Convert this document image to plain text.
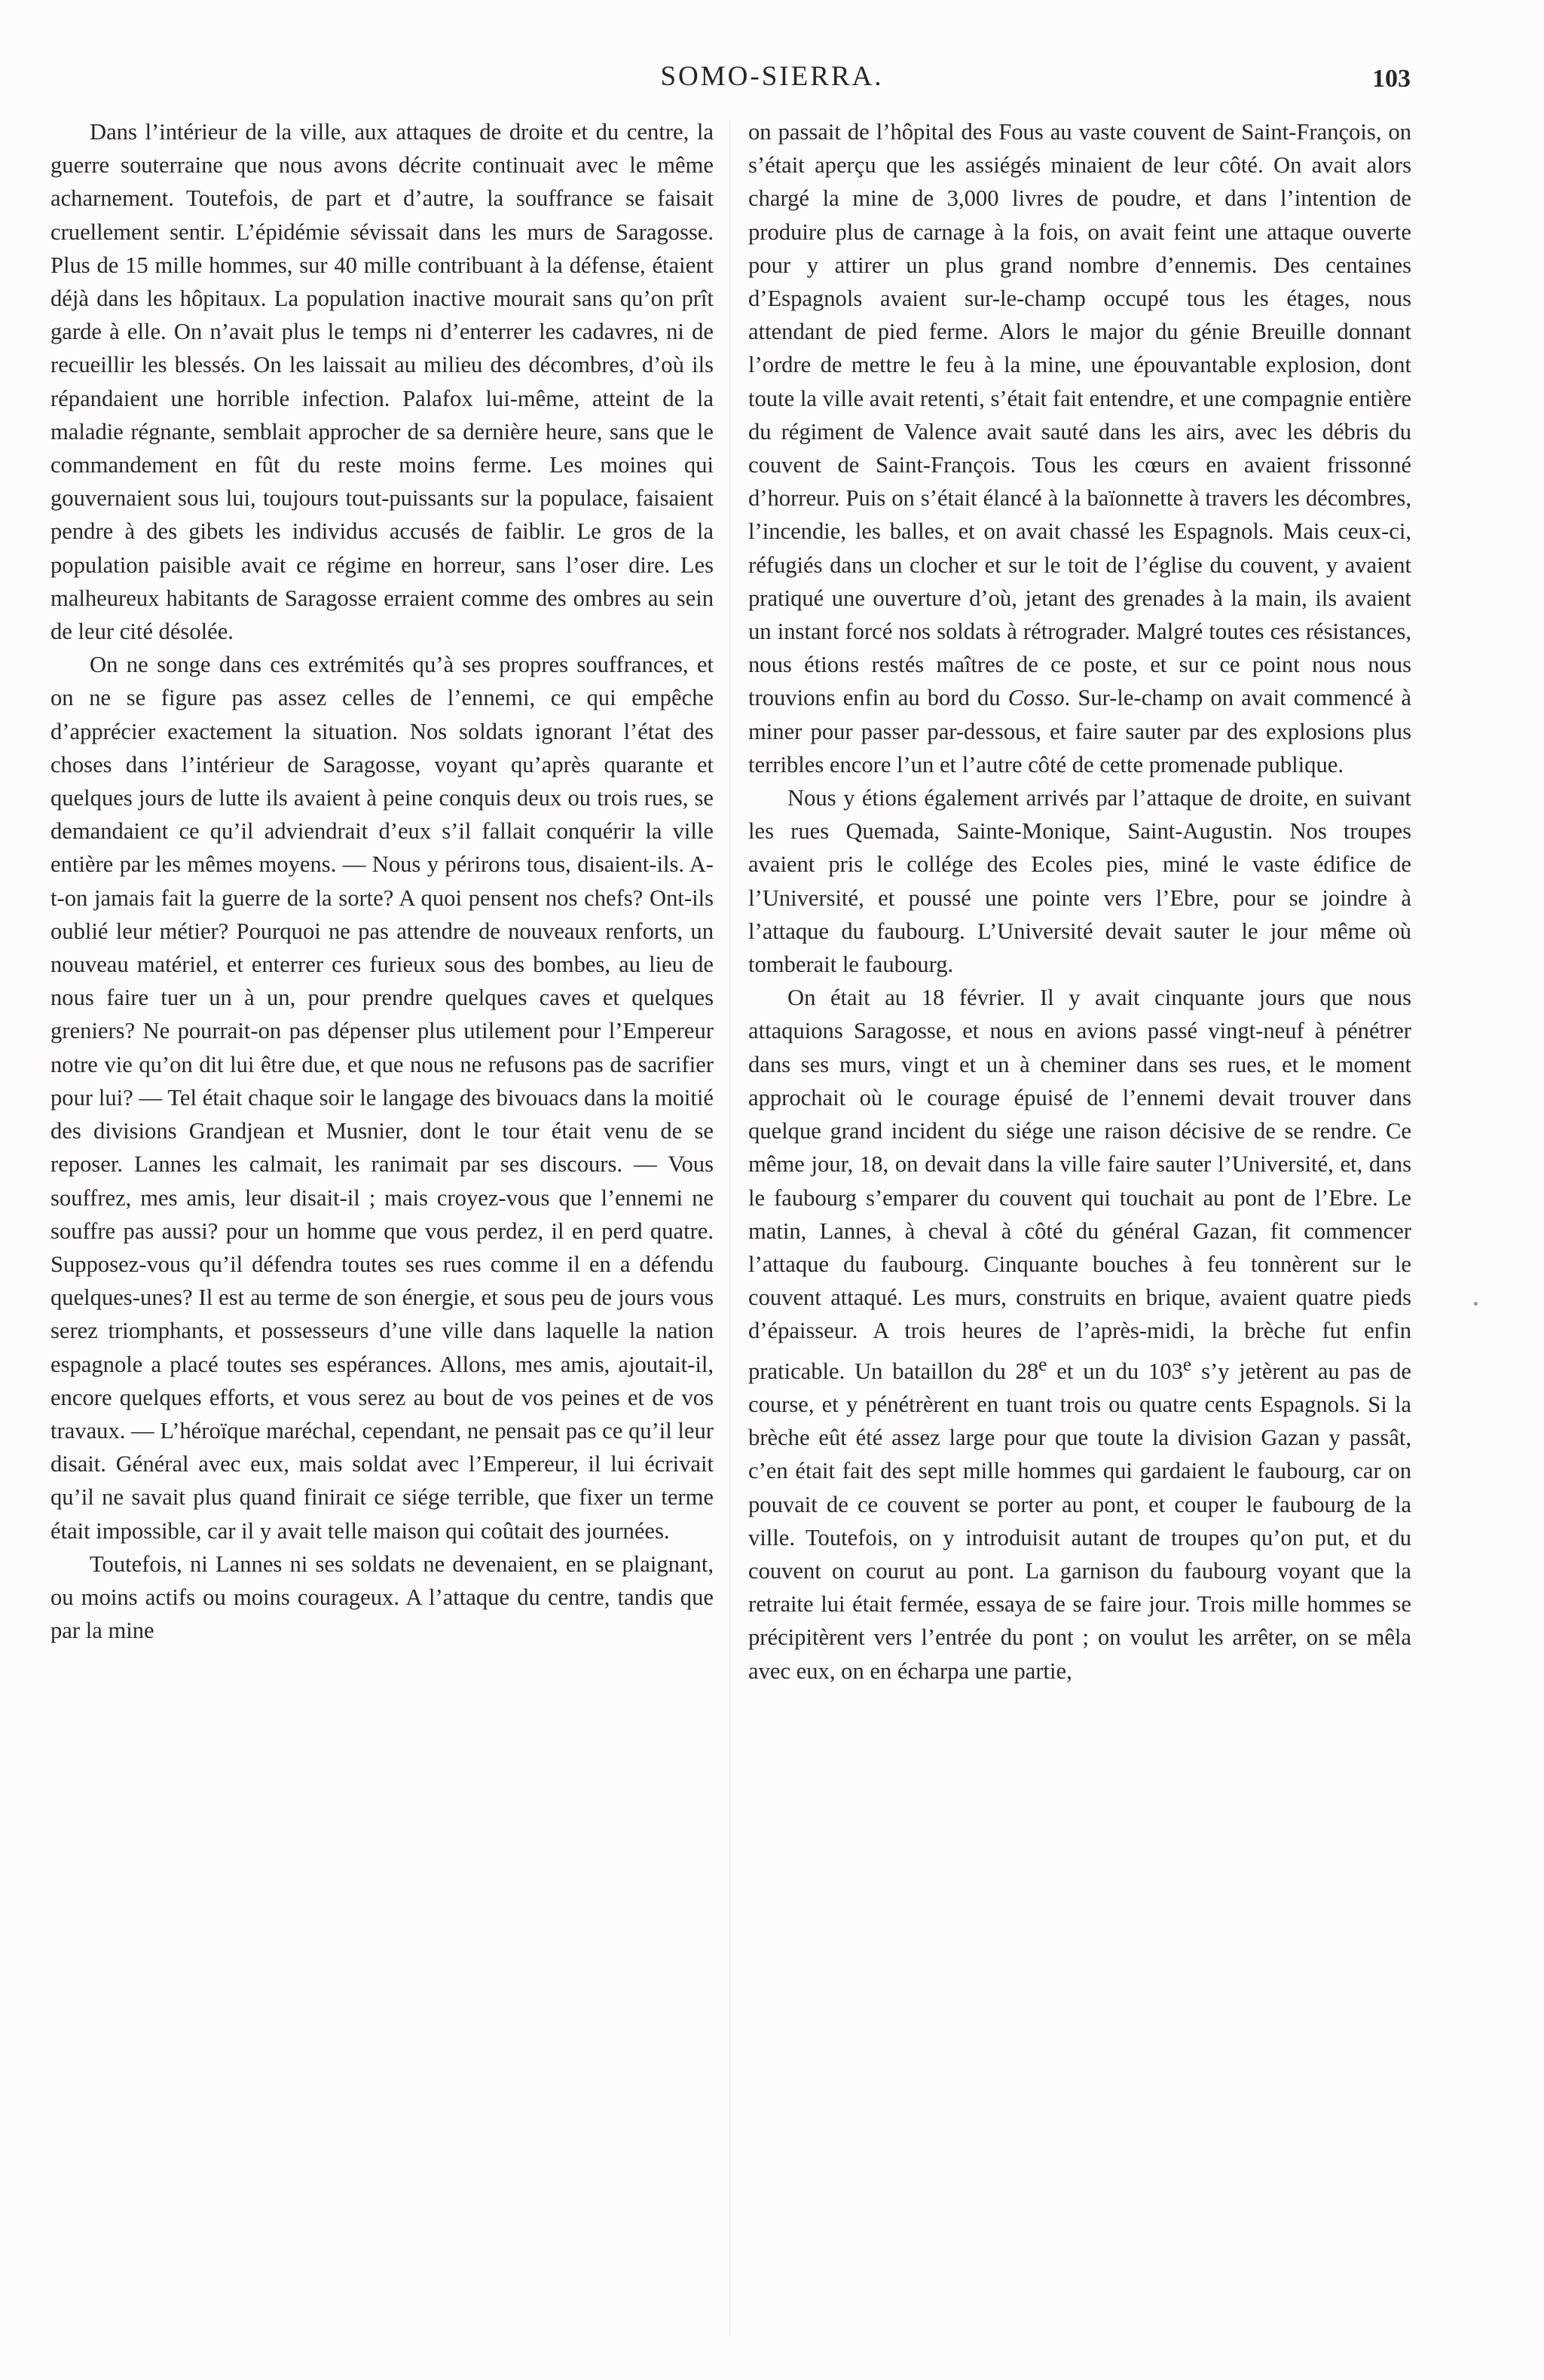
SOMO-SIERRA.	103

Dans l’intérieur de la ville, aux attaques de droite et du centre, la guerre souterraine que nous avons décrite continuait avec le même acharnement. Toutefois, de part et d’autre, la souffrance se faisait cruellement sentir. L’épidémie sévissait dans les murs de Saragosse. Plus de 15 mille hommes, sur 40 mille contribuant à la défense, étaient déjà dans les hôpitaux. La population inactive mourait sans qu’on prît garde à elle. On n’avait plus le temps ni d’enterrer les cadavres, ni de recueillir les blessés. On les laissait au milieu des décombres, d’où ils répandaient une horrible infection. Palafox lui-même, atteint de la maladie régnante, semblait approcher de sa dernière heure, sans que le commandement en fût du reste moins ferme. Les moines qui gouvernaient sous lui, toujours tout-puissants sur la populace, faisaient pendre à des gibets les individus accusés de faiblir. Le gros de la population paisible avait ce régime en horreur, sans l’oser dire. Les malheureux habitants de Saragosse erraient comme des ombres au sein de leur cité désolée.

On ne songe dans ces extrémités qu’à ses propres souffrances, et on ne se figure pas assez celles de l’ennemi, ce qui empêche d’apprécier exactement la situation. Nos soldats ignorant l’état des choses dans l’intérieur de Saragosse, voyant qu’après quarante et quelques jours de lutte ils avaient à peine conquis deux ou trois rues, se demandaient ce qu’il adviendrait d’eux s’il fallait conquérir la ville entière par les mêmes moyens. — Nous y périrons tous, disaient-ils. A-t-on jamais fait la guerre de la sorte? A quoi pensent nos chefs? Ont-ils oublié leur métier? Pourquoi ne pas attendre de nouveaux renforts, un nouveau matériel, et enterrer ces furieux sous des bombes, au lieu de nous faire tuer un à un, pour prendre quelques caves et quelques greniers? Ne pourrait-on pas dépenser plus utilement pour l’Empereur notre vie qu’on dit lui être due, et que nous ne refusons pas de sacrifier pour lui? — Tel était chaque soir le langage des bivouacs dans la moitié des divisions Grandjean et Musnier, dont le tour était venu de se reposer. Lannes les calmait, les ranimait par ses discours. — Vous souffrez, mes amis, leur disait-il ; mais croyez-vous que l’ennemi ne souffre pas aussi? pour un homme que vous perdez, il en perd quatre. Supposez-vous qu’il défendra toutes ses rues comme il en a défendu quelques-unes? Il est au terme de son énergie, et sous peu de jours vous serez triomphants, et possesseurs d’une ville dans laquelle la nation espagnole a placé toutes ses espérances. Allons, mes amis, ajoutait-il, encore quelques efforts, et vous serez au bout de vos peines et de vos travaux. — L’héroïque maréchal, cependant, ne pensait pas ce qu’il leur disait. Général avec eux, mais soldat avec l’Empereur, il lui écrivait qu’il ne savait plus quand finirait ce siége terrible, que fixer un terme était impossible, car il y avait telle maison qui coûtait des journées.

Toutefois, ni Lannes ni ses soldats ne devenaient, en se plaignant, ou moins actifs ou moins courageux. A l’attaque du centre, tandis que par la mine

on passait de l’hôpital des Fous au vaste couvent de Saint-François, on s’était aperçu que les assiégés minaient de leur côté. On avait alors chargé la mine de 3,000 livres de poudre, et dans l’intention de produire plus de carnage à la fois, on avait feint une attaque ouverte pour y attirer un plus grand nombre d’ennemis. Des centaines d’Espagnols avaient sur-le-champ occupé tous les étages, nous attendant de pied ferme. Alors le major du génie Breuille donnant l’ordre de mettre le feu à la mine, une épouvantable explosion, dont toute la ville avait retenti, s’était fait entendre, et une compagnie entière du régiment de Valence avait sauté dans les airs, avec les débris du couvent de Saint-François. Tous les cœurs en avaient frissonné d’horreur. Puis on s’était élancé à la baïonnette à travers les décombres, l’incendie, les balles, et on avait chassé les Espagnols. Mais ceux-ci, réfugiés dans un clocher et sur le toit de l’église du couvent, y avaient pratiqué une ouverture d’où, jetant des grenades à la main, ils avaient un instant forcé nos soldats à rétrograder. Malgré toutes ces résistances, nous étions restés maîtres de ce poste, et sur ce point nous nous trouvions enfin au bord du Cosso. Sur-le-champ on avait commencé à miner pour passer par-dessous, et faire sauter par des explosions plus terribles encore l’un et l’autre côté de cette promenade publique.

Nous y étions également arrivés par l’attaque de droite, en suivant les rues Quemada, Sainte-Monique, Saint-Augustin. Nos troupes avaient pris le collége des Ecoles pies, miné le vaste édifice de l’Université, et poussé une pointe vers l’Ebre, pour se joindre à l’attaque du faubourg. L’Université devait sauter le jour même où tomberait le faubourg.

On était au 18 février. Il y avait cinquante jours que nous attaquions Saragosse, et nous en avions passé vingt-neuf à pénétrer dans ses murs, vingt et un à cheminer dans ses rues, et le moment approchait où le courage épuisé de l’ennemi devait trouver dans quelque grand incident du siége une raison décisive de se rendre. Ce même jour, 18, on devait dans la ville faire sauter l’Université, et, dans le faubourg s’emparer du couvent qui touchait au pont de l’Ebre. Le matin, Lannes, à cheval à côté du général Gazan, fit commencer l’attaque du faubourg. Cinquante bouches à feu tonnèrent sur le couvent attaqué. Les murs, construits en brique, avaient quatre pieds d’épaisseur. A trois heures de l’après-midi, la brèche fut enfin praticable. Un bataillon du 28e et un du 103e s’y jetèrent au pas de course, et y pénétrèrent en tuant trois ou quatre cents Espagnols. Si la brèche eût été assez large pour que toute la division Gazan y passât, c’en était fait des sept mille hommes qui gardaient le faubourg, car on pouvait de ce couvent se porter au pont, et couper le faubourg de la ville. Toutefois, on y introduisit autant de troupes qu’on put, et du couvent on courut au pont. La garnison du faubourg voyant que la retraite lui était fermée, essaya de se faire jour. Trois mille hommes se précipitèrent vers l’entrée du pont ; on voulut les arrêter, on se mêla avec eux, on en écharpa une partie,
